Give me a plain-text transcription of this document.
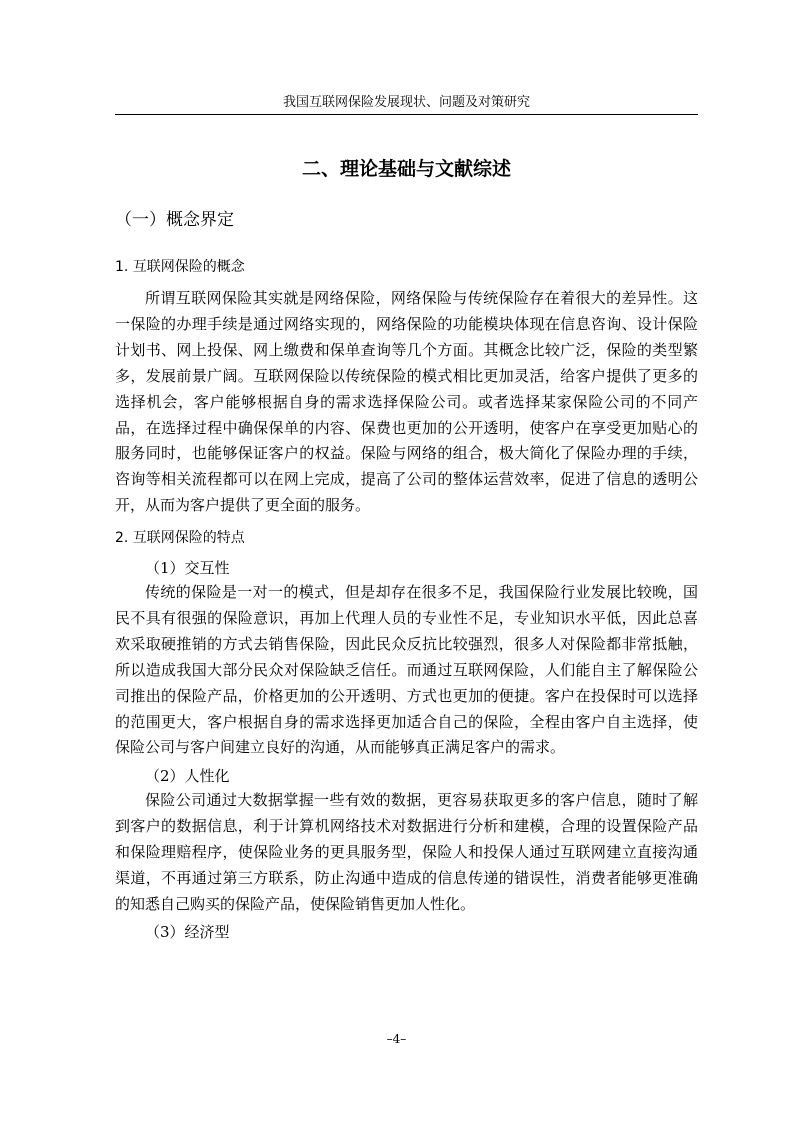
我国互联网保险发展现状、问题及对策研究
二、理论基础与文献综述
（一）概念界定
1. 互联网保险的概念

所谓互联网保险其实就是网络保险，网络保险与传统保险存在着很大的差异性。这一保险的办理手续是通过网络实现的，网络保险的功能模块体现在信息咨询、设计保险计划书、网上投保、网上缴费和保单查询等几个方面。其概念比较广泛，保险的类型繁多，发展前景广阔。互联网保险以传统保险的模式相比更加灵活，给客户提供了更多的选择机会，客户能够根据自身的需求选择保险公司。或者选择某家保险公司的不同产品，在选择过程中确保保单的内容、保费也更加的公开透明，使客户在享受更加贴心的服务同时，也能够保证客户的权益。保险与网络的组合，极大简化了保险办理的手续，咨询等相关流程都可以在网上完成，提高了公司的整体运营效率，促进了信息的透明公开，从而为客户提供了更全面的服务。

2. 互联网保险的特点
（1）交互性

传统的保险是一对一的模式，但是却存在很多不足，我国保险行业发展比较晚，国民不具有很强的保险意识，再加上代理人员的专业性不足，专业知识水平低，因此总喜欢采取硬推销的方式去销售保险，因此民众反抗比较强烈，很多人对保险都非常抵触，所以造成我国大部分民众对保险缺乏信任。而通过互联网保险，人们能自主了解保险公司推出的保险产品，价格更加的公开透明、方式也更加的便捷。客户在投保时可以选择的范围更大，客户根据自身的需求选择更加适合自己的保险，全程由客户自主选择，使保险公司与客户间建立良好的沟通，从而能够真正满足客户的需求。

（2）人性化

保险公司通过大数据掌握一些有效的数据，更容易获取更多的客户信息，随时了解到客户的数据信息，利于计算机网络技术对数据进行分析和建模，合理的设置保险产品和保险理赔程序，使保险业务的更具服务型，保险人和投保人通过互联网建立直接沟通渠道，不再通过第三方联系，防止沟通中造成的信息传递的错误性，消费者能够更准确的知悉自己购买的保险产品，使保险销售更加人性化。

（3）经济型
–4–
